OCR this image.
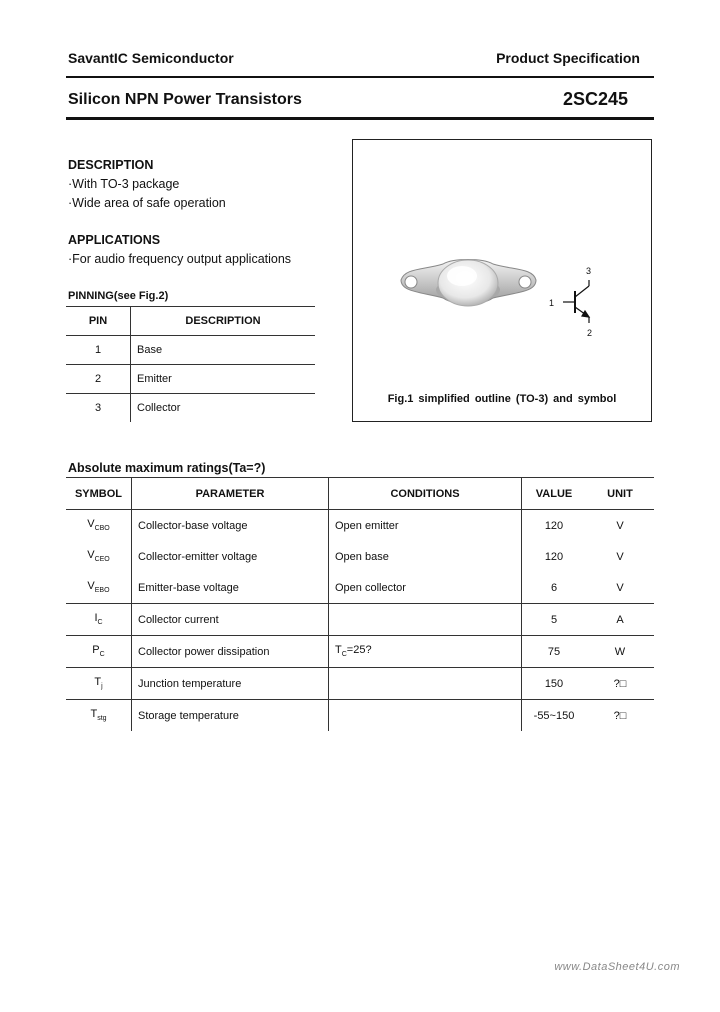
SavantIC Semiconductor	Product Specification
Silicon NPN Power Transistors	2SC245
DESCRIPTION
·With TO-3 package
·Wide area of safe operation
APPLICATIONS
·For audio frequency output applications
PINNING(see Fig.2)
PIN	DESCRIPTION
1	Base
2	Emitter
3	Collector
3
1
2
Fig.1 simplified outline (TO-3) and symbol
Absolute maximum ratings(Ta=?)
SYMBOL	PARAMETER	CONDITIONS	VALUE	UNIT
$V_{CBO}$	Collector-base voltage	Open emitter	120	V
$V_{CEO}$	Collector-emitter voltage	Open base	120	V
$V_{EBO}$	Emitter-base voltage	Open collector	6	V
$I_C$	Collector current		5	A
$P_C$	Collector power dissipation	$T_C=25$?	75	W
$T_j$	Junction temperature		150	?□
$T_{stg}$	Storage temperature		-55~150	?□
www.DataSheet4U.com
